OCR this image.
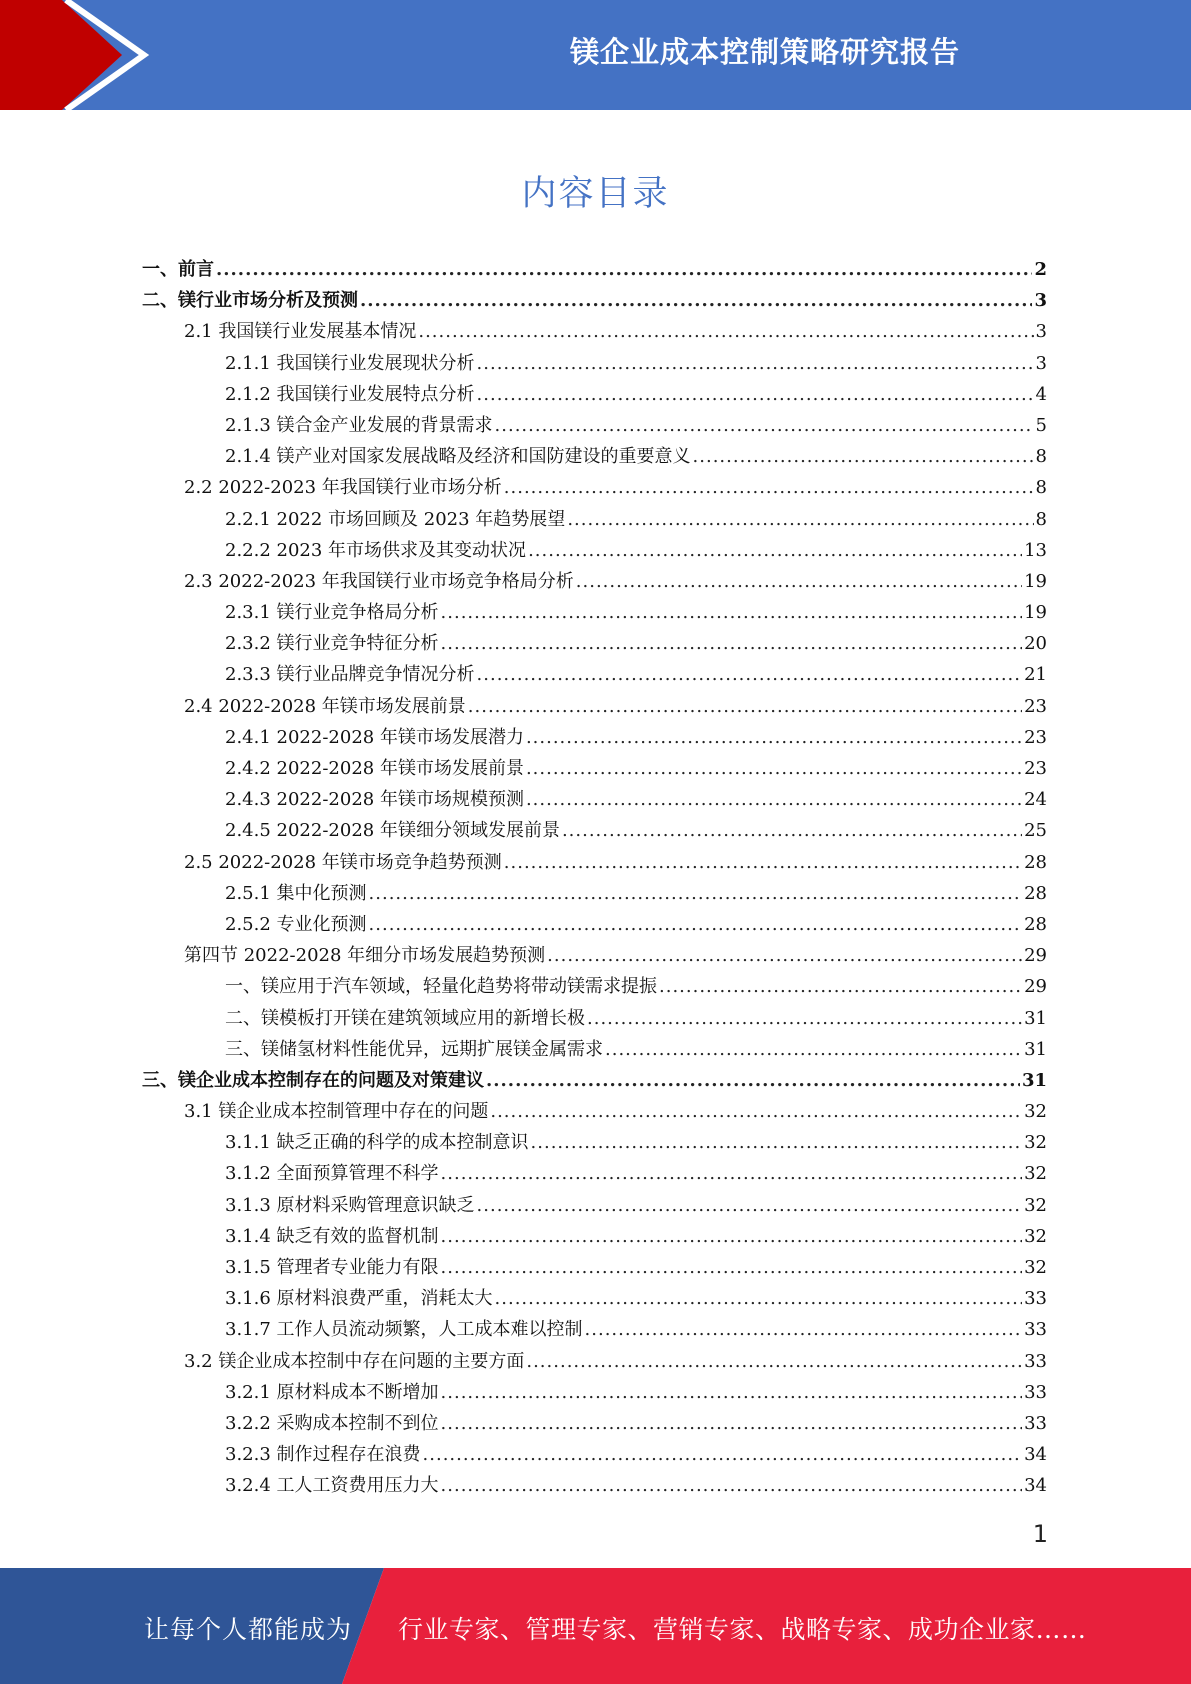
镁企业成本控制策略研究报告
内容目录
一、前言 .....	2
二、镁行业市场分析及预测 .....	3
2.1 我国镁行业发展基本情况 .....	3
2.1.1 我国镁行业发展现状分析 .....	3
2.1.2 我国镁行业发展特点分析 .....	4
2.1.3 镁合金产业发展的背景需求 .....	5
2.1.4 镁产业对国家发展战略及经济和国防建设的重要意义 .....	8
2.2 2022-2023 年我国镁行业市场分析 .....	8
2.2.1 2022 市场回顾及 2023 年趋势展望 .....	8
2.2.2 2023 年市场供求及其变动状况 .....	13
2.3 2022-2023 年我国镁行业市场竞争格局分析 .....	19
2.3.1 镁行业竞争格局分析 .....	19
2.3.2 镁行业竞争特征分析 .....	20
2.3.3 镁行业品牌竞争情况分析 .....	21
2.4 2022-2028 年镁市场发展前景 .....	23
2.4.1 2022-2028 年镁市场发展潜力 .....	23
2.4.2 2022-2028 年镁市场发展前景 .....	23
2.4.3 2022-2028 年镁市场规模预测 .....	24
2.4.5 2022-2028 年镁细分领域发展前景 .....	25
2.5 2022-2028 年镁市场竞争趋势预测 .....	28
2.5.1 集中化预测 .....	28
2.5.2 专业化预测 .....	28
第四节 2022-2028 年细分市场发展趋势预测 .....	29
一、镁应用于汽车领域，轻量化趋势将带动镁需求提振 .....	29
二、镁模板打开镁在建筑领域应用的新增长极 .....	31
三、镁储氢材料性能优异，远期扩展镁金属需求 .....	31
三、镁企业成本控制存在的问题及对策建议 .....	31
3.1 镁企业成本控制管理中存在的问题 .....	32
3.1.1 缺乏正确的科学的成本控制意识 .....	32
3.1.2 全面预算管理不科学 .....	32
3.1.3 原材料采购管理意识缺乏 .....	32
3.1.4 缺乏有效的监督机制 .....	32
3.1.5 管理者专业能力有限 .....	32
3.1.6 原材料浪费严重，消耗太大 .....	33
3.1.7 工作人员流动频繁，人工成本难以控制 .....	33
3.2 镁企业成本控制中存在问题的主要方面 .....	33
3.2.1 原材料成本不断增加 .....	33
3.2.2 采购成本控制不到位 .....	33
3.2.3 制作过程存在浪费 .....	34
3.2.4 工人工资费用压力大 .....	34
1
让每个人都能成为 行业专家、管理专家、营销专家、战略专家、成功企业家……
